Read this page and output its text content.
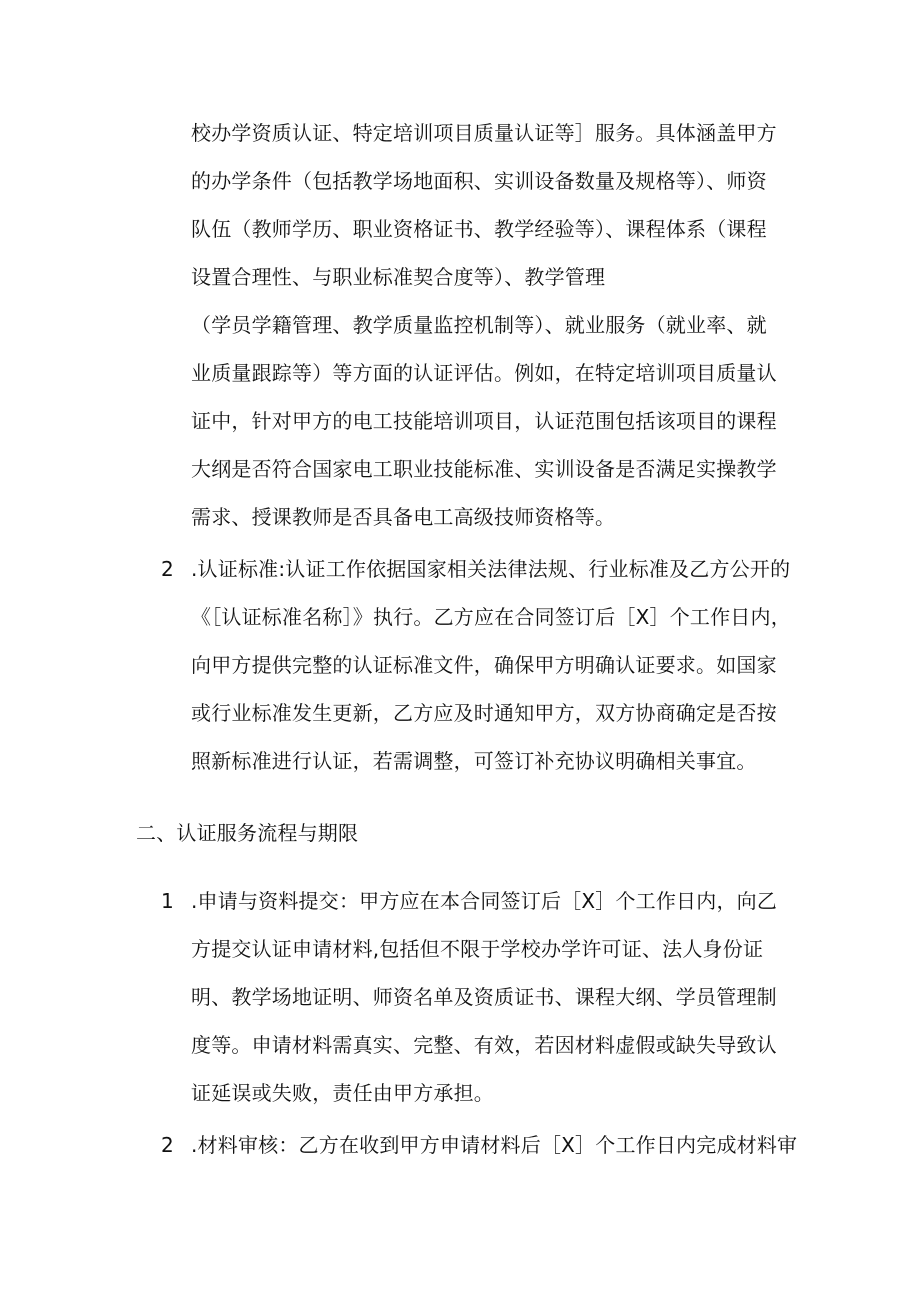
校办学资质认证、特定培训项目质量认证等］服务。具体涵盖甲方
的办学条件（包括教学场地面积、实训设备数量及规格等）、师资
队伍（教师学历、职业资格证书、教学经验等）、课程体系（课程
设置合理性、与职业标准契合度等）、教学管理
（学员学籍管理、教学质量监控机制等）、就业服务（就业率、就
业质量跟踪等）等方面的认证评估。例如，在特定培训项目质量认
证中，针对甲方的电工技能培训项目，认证范围包括该项目的课程
大纲是否符合国家电工职业技能标准、实训设备是否满足实操教学
需求、授课教师是否具备电工高级技师资格等。
2 .认证标准:认证工作依据国家相关法律法规、行业标准及乙方公开的
《［认证标准名称］》执行。乙方应在合同签订后［X］个工作日内，
向甲方提供完整的认证标准文件，确保甲方明确认证要求。如国家
或行业标准发生更新，乙方应及时通知甲方，双方协商确定是否按
照新标准进行认证，若需调整，可签订补充协议明确相关事宜。
二、认证服务流程与期限
1 .申请与资料提交：甲方应在本合同签订后［X］个工作日内，向乙
方提交认证申请材料,包括但不限于学校办学许可证、法人身份证
明、教学场地证明、师资名单及资质证书、课程大纲、学员管理制
度等。申请材料需真实、完整、有效，若因材料虚假或缺失导致认
证延误或失败，责任由甲方承担。
2 .材料审核：乙方在收到甲方申请材料后［X］个工作日内完成材料审
